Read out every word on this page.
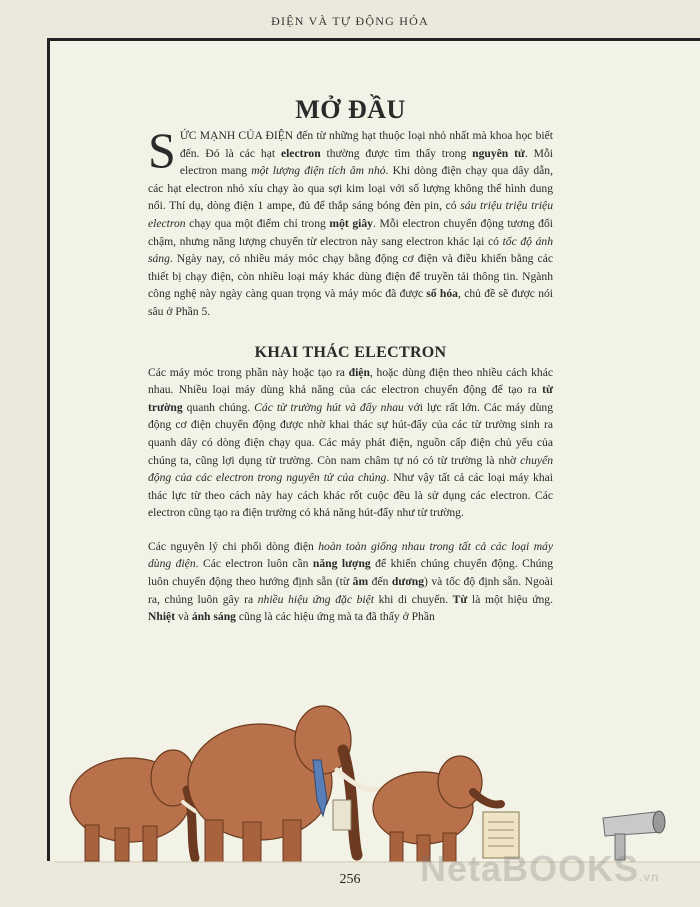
ĐIỆN VÀ TỰ ĐỘNG HÓA
MỞ ĐẦU

SỨC MẠNH CỦA ĐIỆN đến từ những hạt thuộc loại nhỏ nhất mà khoa học biết đến. Đó là các hạt electron thường được tìm thấy trong nguyên tử. Mỗi electron mang một lượng điện tích âm nhỏ. Khi dòng điện chạy qua dây dẫn, các hạt electron nhỏ xíu chạy ào qua sợi kim loại với số lượng không thể hình dung nổi. Thí dụ, dòng điện 1 ampe, đủ để thắp sáng bóng đèn pin, có sáu triệu triệu triệu electron chạy qua một điểm chỉ trong một giây. Mỗi electron chuyển động tương đối chậm, nhưng năng lượng chuyển từ electron này sang electron khác lại có tốc độ ánh sáng. Ngày nay, có nhiều máy móc chạy bằng động cơ điện và điều khiển bằng các thiết bị chạy điện, còn nhiều loại máy khác dùng điện để truyền tải thông tin. Ngành công nghệ này ngày càng quan trọng và máy móc đã được số hóa, chủ đề sẽ được nói sâu ở Phần 5.

KHAI THÁC ELECTRON

Các máy móc trong phần này hoặc tạo ra điện, hoặc dùng điện theo nhiều cách khác nhau. Nhiều loại máy dùng khả năng của các electron chuyển động để tạo ra từ trường quanh chúng. Các từ trường hút và đẩy nhau với lực rất lớn. Các máy dùng động cơ điện chuyển động được nhờ khai thác sự hút-đẩy của các từ trường sinh ra quanh dây có dòng điện chạy qua. Các máy phát điện, nguồn cấp điện chủ yếu của chúng ta, cũng lợi dụng từ trường. Còn nam châm tự nó có từ trường là nhờ chuyển động của các electron trong nguyên tử của chúng. Như vậy tất cả các loại máy khai thác lực từ theo cách này hay cách khác rốt cuộc đều là sử dụng các electron. Các electron cũng tạo ra điện trường có khả năng hút-đẩy như từ trường.

Các nguyên lý chi phối dòng điện hoàn toàn giống nhau trong tất cả các loại máy dùng điện. Các electron luôn cần năng lượng để khiến chúng chuyển động. Chúng luôn chuyển động theo hướng định sẵn (từ âm đến dương) và tốc độ định sẵn. Ngoài ra, chúng luôn gây ra nhiều hiệu ứng đặc biệt khi di chuyển. Từ là một hiệu ứng. Nhiệt và ánh sáng cũng là các hiệu ứng mà ta đã thấy ở Phần

256	NetaBOOKS.vn
